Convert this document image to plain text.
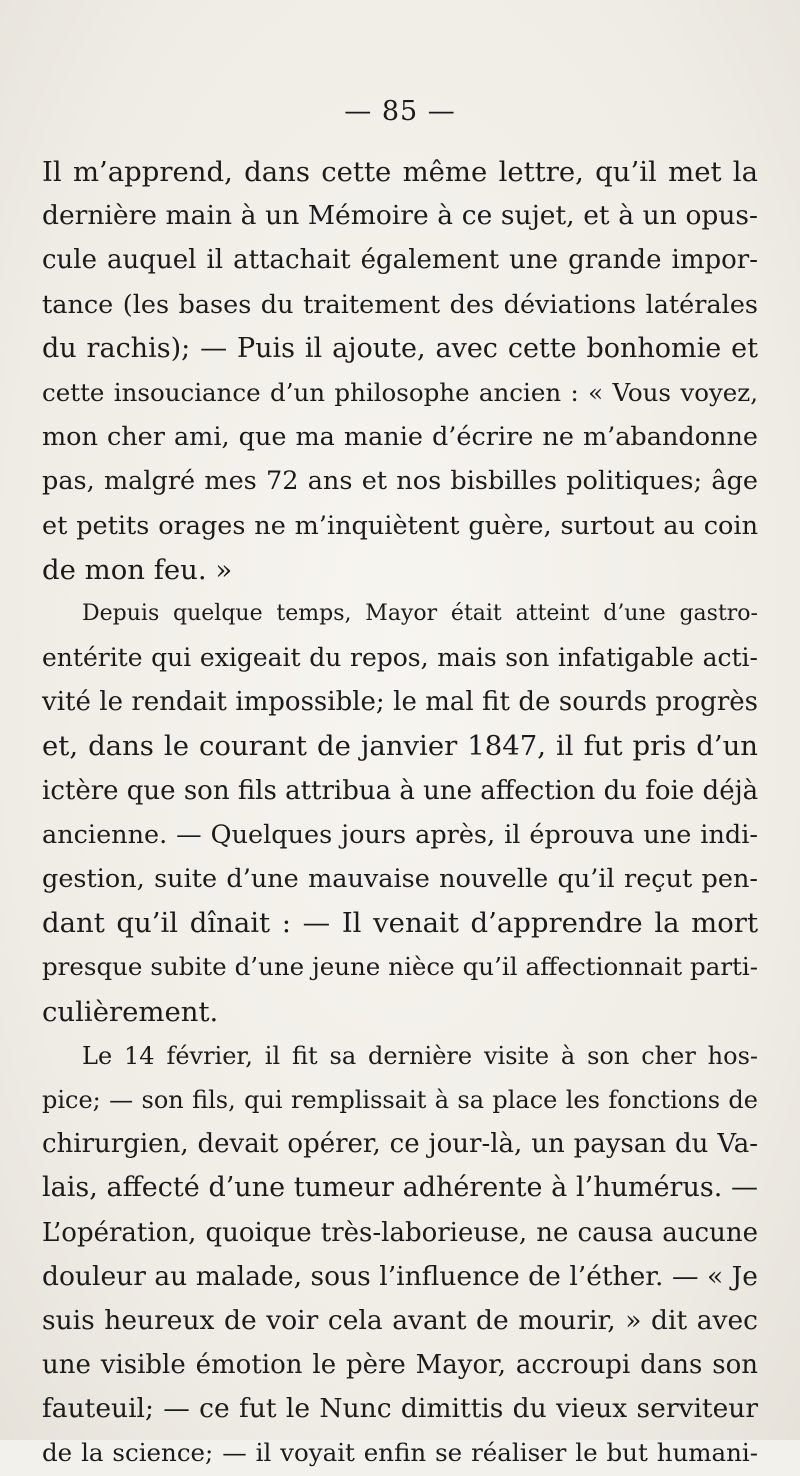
— 85 —
Il m’apprend, dans cette même lettre, qu’il met la
dernière main à un Mémoire à ce sujet, et à un opus-
cule auquel il attachait également une grande impor-
tance (les bases du traitement des déviations latérales
du rachis); — Puis il ajoute, avec cette bonhomie et
cette insouciance d’un philosophe ancien : « Vous voyez,
mon cher ami, que ma manie d’écrire ne m’abandonne
pas, malgré mes 72 ans et nos bisbilles politiques; âge
et petits orages ne m’inquiètent guère, surtout au coin
de mon feu. »
Depuis quelque temps, Mayor était atteint d’une gastro-
entérite qui exigeait du repos, mais son infatigable acti-
vité le rendait impossible; le mal fit de sourds progrès
et, dans le courant de janvier 1847, il fut pris d’un
ictère que son fils attribua à une affection du foie déjà
ancienne. — Quelques jours après, il éprouva une indi-
gestion, suite d’une mauvaise nouvelle qu’il reçut pen-
dant qu’il dînait : — Il venait d’apprendre la mort
presque subite d’une jeune nièce qu’il affectionnait parti-
culièrement.
Le 14 février, il fit sa dernière visite à son cher hos-
pice; — son fils, qui remplissait à sa place les fonctions de
chirurgien, devait opérer, ce jour-là, un paysan du Va-
lais, affecté d’une tumeur adhérente à l’humérus. —
L’opération, quoique très-laborieuse, ne causa aucune
douleur au malade, sous l’influence de l’éther. — « Je
suis heureux de voir cela avant de mourir, » dit avec
une visible émotion le père Mayor, accroupi dans son
fauteuil; — ce fut le Nunc dimittis du vieux serviteur
de la science; — il voyait enfin se réaliser le but humani-
